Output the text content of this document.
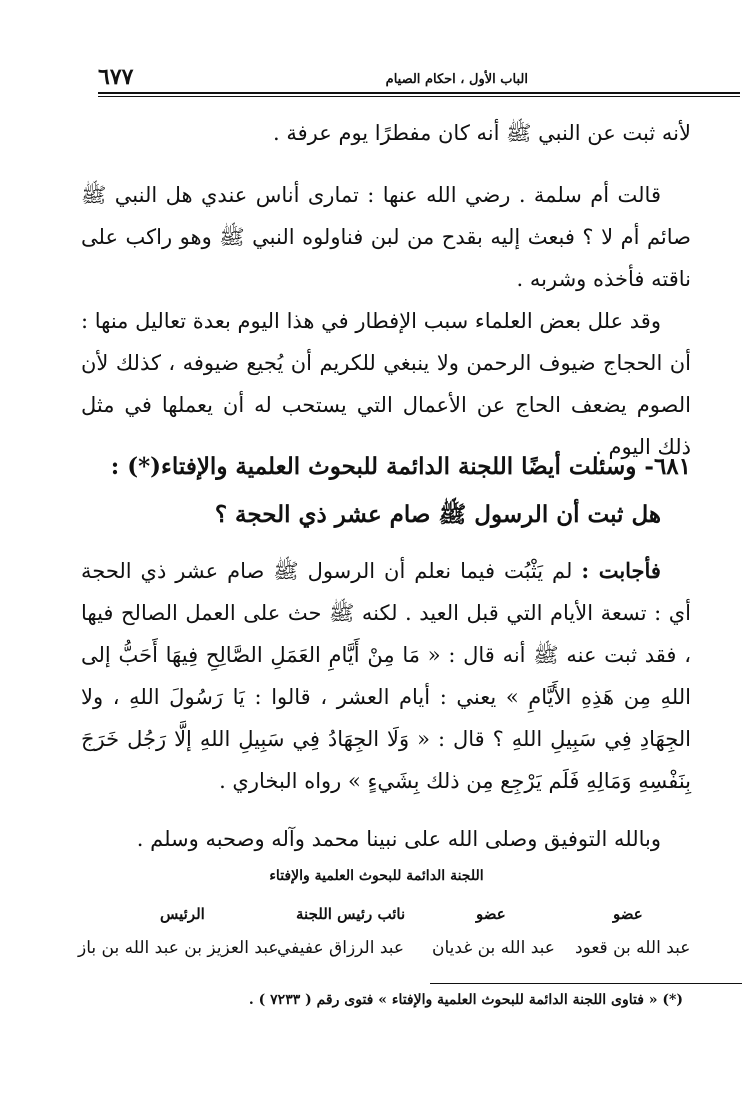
الباب الأول ، احكام الصيام
٦٧٧
لأنه ثبت عن النبي ﷺ أنه كان مفطرًا يوم عرفة .
قالت أم سلمة . رضي الله عنها : تمارى أناس عندي هل النبي ﷺ صائم أم لا ؟ فبعث إليه بقدح من لبن فناولوه النبي ﷺ وهو راكب على ناقته فأخذه وشربه .
وقد علل بعض العلماء سبب الإفطار في هذا اليوم بعدة تعاليل منها : أن الحجاج ضيوف الرحمن ولا ينبغي للكريم أن يُجيع ضيوفه ، كذلك لأن الصوم يضعف الحاج عن الأعمال التي يستحب له أن يعملها في مثل ذلك اليوم .
٦٨١- وسئلت أيضًا اللجنة الدائمة للبحوث العلمية والإفتاء(*) :
هل ثبت أن الرسول ﷺ صام عشر ذي الحجة ؟
فأجابت : لم يَثْبُت فيما نعلم أن الرسول ﷺ صام عشر ذي الحجة أي : تسعة الأيام التي قبل العيد . لكنه ﷺ حث على العمل الصالح فيها ، فقد ثبت عنه ﷺ أنه قال : « مَا مِنْ أَيَّامِ العَمَلِ الصَّالِحِ فِيهَا أَحَبُّ إلى اللهِ مِن هَذِهِ الأَيَّامِ » يعني : أيام العشر ، قالوا : يَا رَسُولَ اللهِ ، ولا الجِهَادِ فِي سَبِيلِ اللهِ ؟ قال : « وَلَا الجِهَادُ فِي سَبِيلِ اللهِ إلَّا رَجُل خَرَجَ بِنَفْسِهِ وَمَالِهِ فَلَم يَرْجِع مِن ذلك بِشَيءٍ » رواه البخاري .
وبالله التوفيق وصلى الله على نبينا محمد وآله وصحبه وسلم .
اللجنة الدائمة للبحوث العلمية والإفتاء
عضو
عضو
نائب رئيس اللجنة
الرئيس
عبد الله بن قعود
عبد الله بن غديان
عبد الرزاق عفيفي
عبد العزيز بن عبد الله بن باز
(*) « فتاوى اللجنة الدائمة للبحوث العلمية والإفتاء » فتوى رقم ( ٧٢٣٣ ) .
